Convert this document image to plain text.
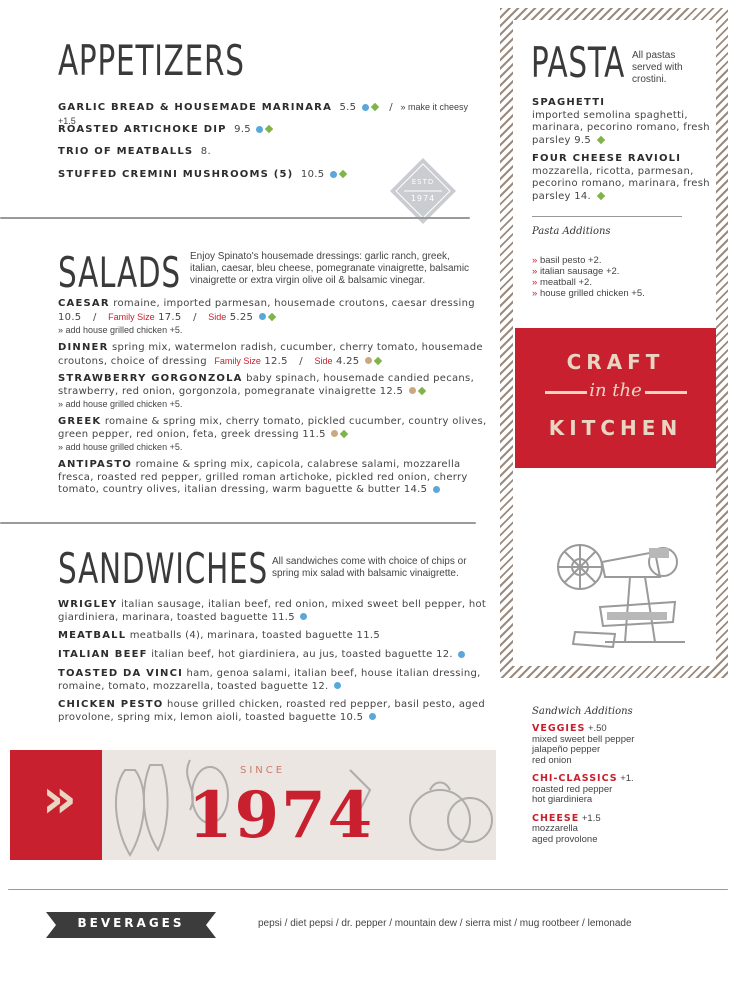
APPETIZERS
GARLIC BREAD & HOUSEMADE MARINARA 5.5	/ » make it cheesy +1.5
ROASTED ARTICHOKE DIP 9.5
TRIO OF MEATBALLS 8.
STUFFED CREMINI MUSHROOMS (5) 10.5
ESTD
1974
SALADS Enjoy Spinato's housemade dressings: garlic ranch, greek, italian, caesar, bleu cheese, pomegranate vinaigrette, balsamic vinaigrette or extra virgin olive oil & balsamic vinegar.
CAESAR romaine, imported parmesan, housemade croutons, caesar dressing
10.5 / Family Size 17.5 / Side 5.25
» add house grilled chicken +5.
DINNER spring mix, watermelon radish, cucumber, cherry tomato, housemade croutons, choice of dressing Family Size 12.5 / Side 4.25
STRAWBERRY GORGONZOLA baby spinach, housemade candied pecans, strawberry, red onion, gorgonzola, pomegranate vinaigrette 12.5
» add house grilled chicken +5.
GREEK romaine & spring mix, cherry tomato, pickled cucumber, country olives, green pepper, red onion, feta, greek dressing 11.5
» add house grilled chicken +5.
ANTIPASTO romaine & spring mix, capicola, calabrese salami, mozzarella fresca, roasted red pepper, grilled roman artichoke, pickled red onion, cherry tomato, country olives, italian dressing, warm baguette & butter 14.5
SANDWICHES All sandwiches come with choice of chips or spring mix salad with balsamic vinaigrette.
WRIGLEY italian sausage, italian beef, red onion, mixed sweet bell pepper, hot giardiniera, marinara, toasted baguette 11.5
MEATBALL meatballs (4), marinara, toasted baguette 11.5
ITALIAN BEEF italian beef, hot giardiniera, au jus, toasted baguette 12.
TOASTED DA VINCI ham, genoa salami, italian beef, house italian dressing, romaine, tomato, mozzarella, toasted baguette 12.
CHICKEN PESTO house grilled chicken, roasted red pepper, basil pesto, aged provolone, spring mix, lemon aioli, toasted baguette 10.5
PASTA All pastas served with crostini.
SPAGHETTI
imported semolina spaghetti, marinara, pecorino romano, fresh parsley 9.5
FOUR CHEESE RAVIOLI
mozzarella, ricotta, parmesan, pecorino romano, marinara, fresh parsley 14.
Pasta Additions
» basil pesto +2.
» italian sausage +2.
» meatball +2.
» house grilled chicken +5.
CRAFT
in the
KITCHEN
Sandwich Additions
VEGGIES +.50
mixed sweet bell pepper
jalapeño pepper
red onion
CHI-CLASSICS +1.
roasted red pepper
hot giardiniera
CHEESE +1.5
mozzarella
aged provolone
»	SINCE
1974
BEVERAGES	pepsi / diet pepsi / dr. pepper / mountain dew / sierra mist / mug rootbeer / lemonade
